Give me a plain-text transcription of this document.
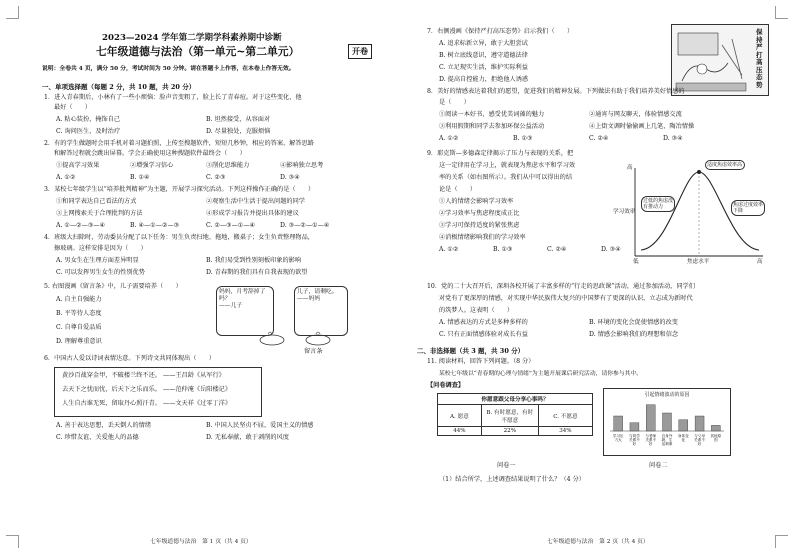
2023—2024 学年第二学期学科素养期中诊断
七年级道德与法治（第一单元~第二单元）	开卷
说明：全卷共 4 页，满分 50 分，考试时间为 50 分钟。请在答题卡上作答，在本卷上作答无效。
一、单项选择题（每题 2 分，共 10 题，共 20 分）
1．进入青春期后，小林有了一些小烦恼：脸声音变粗了，脸上长了青春痘。对于这些变化，他
最好（　　）
A. 粘心装扮，掩饰自己	B. 坦然接受，从容面对
C. 询问医生，及时治疗	D. 尽量独处，克服烦恼
2．有的学生做题时会用手机对着习题拍照，上传至搜题软件，短短几秒钟，相应的答案、解答思路
和解答过程就会跳出屏幕。学会正确使用这种搜题软件最终会（　　）
①提高学习效果	②增强学习信心	③削化思维能力	④影响独立思考
A. ①②	B. ①④	C. ②③	D. ③④
3．某校七年级学生以“培养批判精神”为主题，开展学习探究活动。下列这样操作正确的是（　　）
①和同学表达自己看法的方式	②观察生活中生活于提出问题的同学
③上网搜索关于合理批判的方法	④形成学习报告并提出具体的建议
A. ①—②—③—④	B. ④—①—②—③	C. ②—③—①—④	D. ③—②—①—④
4．班级大扫除时，劳动委员分配了以下任务：男生负责扫地、拖地，搬桌子；女生负责整理物品，
擦玻璃。这样安排是因为（　　）
A. 男女生在生理方面差异明显	B. 我们易受到性别刻板印象的影响
C. 可以发挥男生女生的性别优势	D. 青春期的我们具有自我表现的欲望
5. 右图漫画《留言条》中，儿子需要培养（　　）
A. 自主自强能力
B. 平等待人态度
C. 自尊自爱品质
D. 理解尊重意识
妈妈，月考辞掉了吗？
——儿子
儿子，请剩吃。
——妈妈
留言条
6．中国古人爱以诗词表情达意。下列诗文共同体现出（　　）
黄沙百战穿金甲，不破楼兰终不还。 ——王昌龄《从军行》
去天下之忧而忧，后天下之乐而乐。 ——范仲淹《岳阳楼记》
人生自古谁无死，留取丹心照汗青。 ——文天祥《过零丁洋》
A. 善于表达思想，丢天倒人的情绪	B. 中国人民坚贞不屈，爱国主义的情感
C. 珍惜友谊，关爱他人的品德	D. 无私奉献，敢于剥削的风度
七年级道德与法治　第 1 页（共 4 页）
7．右侧漫画《保持严打高压态势》启示我们（　　）
A. 追求标新立异，敢于大胆尝试
B. 树立底线意识，遵守道德法律
C. 立足现实生活，维护实际利益
D. 提高自控能力，拒绝他人诱惑
保持严打高压态势
8．美好的情感表达着我们的愿望，促进我们的精神发展。下列做法有助于我们培养美好情感的
是（　　）
①阅读一本好书，感受优美词藻的魅力	②通宵与网友聊天，体验情感交流
③利用假期和同学去参加环保公益活动	④上街文调时偷偷画上几笔，陶冶情操
A. ①②	B. ①③	C. ②④	D. ③④
9．耶克斯—多德森定律揭示了压力与表现的关系，把
这一定律用在学习上，就表现为焦虑水平和学习效
率的关系（如右图所示）。我们从中可以得出的结
论是（　　）
①人的情绪会影响学习效率
②学习效率与焦虑程度成正比
③学习可保持适度的紧张焦虑
④消极情绪影响我们的学习效率
A. ①②	B. ①③	C. ②④	D. ③④
高
学习效率
低	焦虑水平	高
过低的焦虑没有推动力
适度焦虑效率高
焦虑过度效率下降
10．党的二十大召开后，深圳各校开展了丰富多样的“行走的思政课”活动，通过参加活动，同学们
对党有了更深厚的情感，对实现中华民族伟大复兴的中国梦有了更深的认识，立志成为新时代
的筑梦人。这表明（　　）
A. 情感表达的方式是多种多样的	B. 环境的变化会促使情感的改变
C. 只有正面情感体验对成长有益	D. 情感会影响我们的理想和信念
二、非选择题（共 3 题，共 30 分）
11. 阅读材料，回答下列问题。（8 分）
某校七年级以“青春期的心理与情绪”为主题开展课后研究活动，请你参与其中。
【问卷调查】
你愿意跟父母分享心事吗？		
A. 愿意	B. 有时愿意，有时不愿意	C. 不愿意
44%	22%	34%
问卷一
引起情绪波动的原因
学习压力大
与同学关系不好
与老师关系不好
自身外貌、生活琐事
身体变化
与父母关系不好
其他原因
问卷二
（1）结合所学，上述调查结果说明了什么？（4 分）
七年级道德与法治　第 2 页（共 4 页）
